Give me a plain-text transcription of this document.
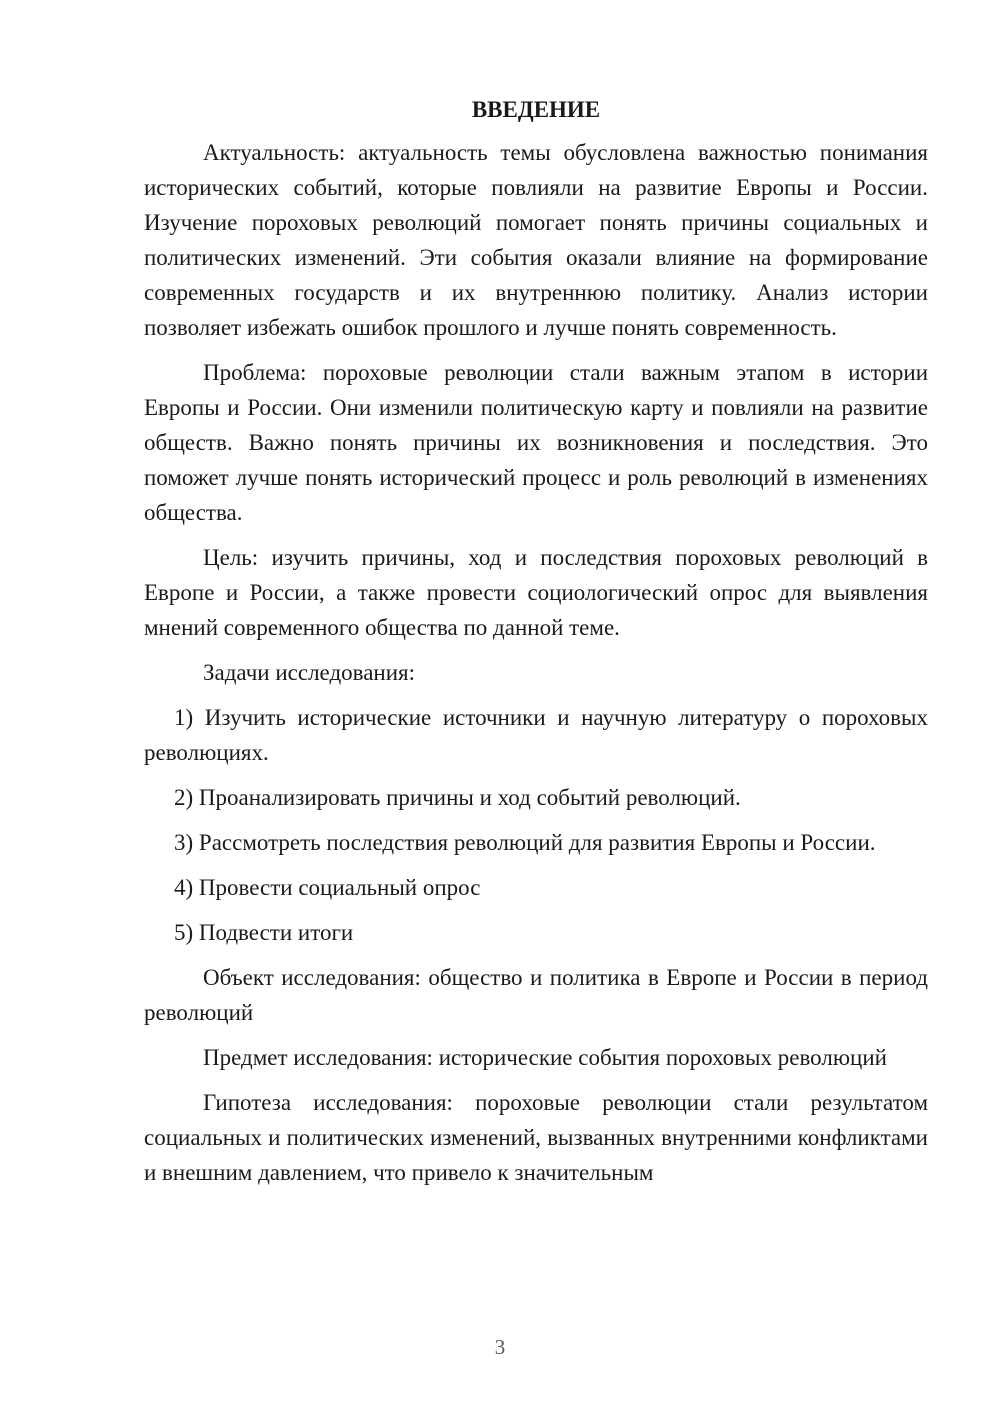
ВВЕДЕНИЕ

Актуальность: актуальность темы обусловлена важностью понимания исторических событий, которые повлияли на развитие Европы и России. Изучение пороховых революций помогает понять причины социальных и политических изменений. Эти события оказали влияние на формирование современных государств и их внутреннюю политику. Анализ истории позволяет избежать ошибок прошлого и лучше понять современность.

Проблема: пороховые революции стали важным этапом в истории Европы и России. Они изменили политическую карту и повлияли на развитие обществ. Важно понять причины их возникновения и последствия. Это поможет лучше понять исторический процесс и роль революций в изменениях общества.

Цель: изучить причины, ход и последствия пороховых революций в Европе и России, а также провести социологический опрос для выявления мнений современного общества по данной теме.

Задачи исследования:

1) Изучить исторические источники и научную литературу о пороховых революциях.

2) Проанализировать причины и ход событий революций.

3) Рассмотреть последствия революций для развития Европы и России.

4) Провести социальный опрос

5) Подвести итоги

Объект исследования: общество и политика в Европе и России в период революций

Предмет исследования: исторические события пороховых революций

Гипотеза исследования: пороховые революции стали результатом социальных и политических изменений, вызванных внутренними конфликтами и внешним давлением, что привело к значительным

3
